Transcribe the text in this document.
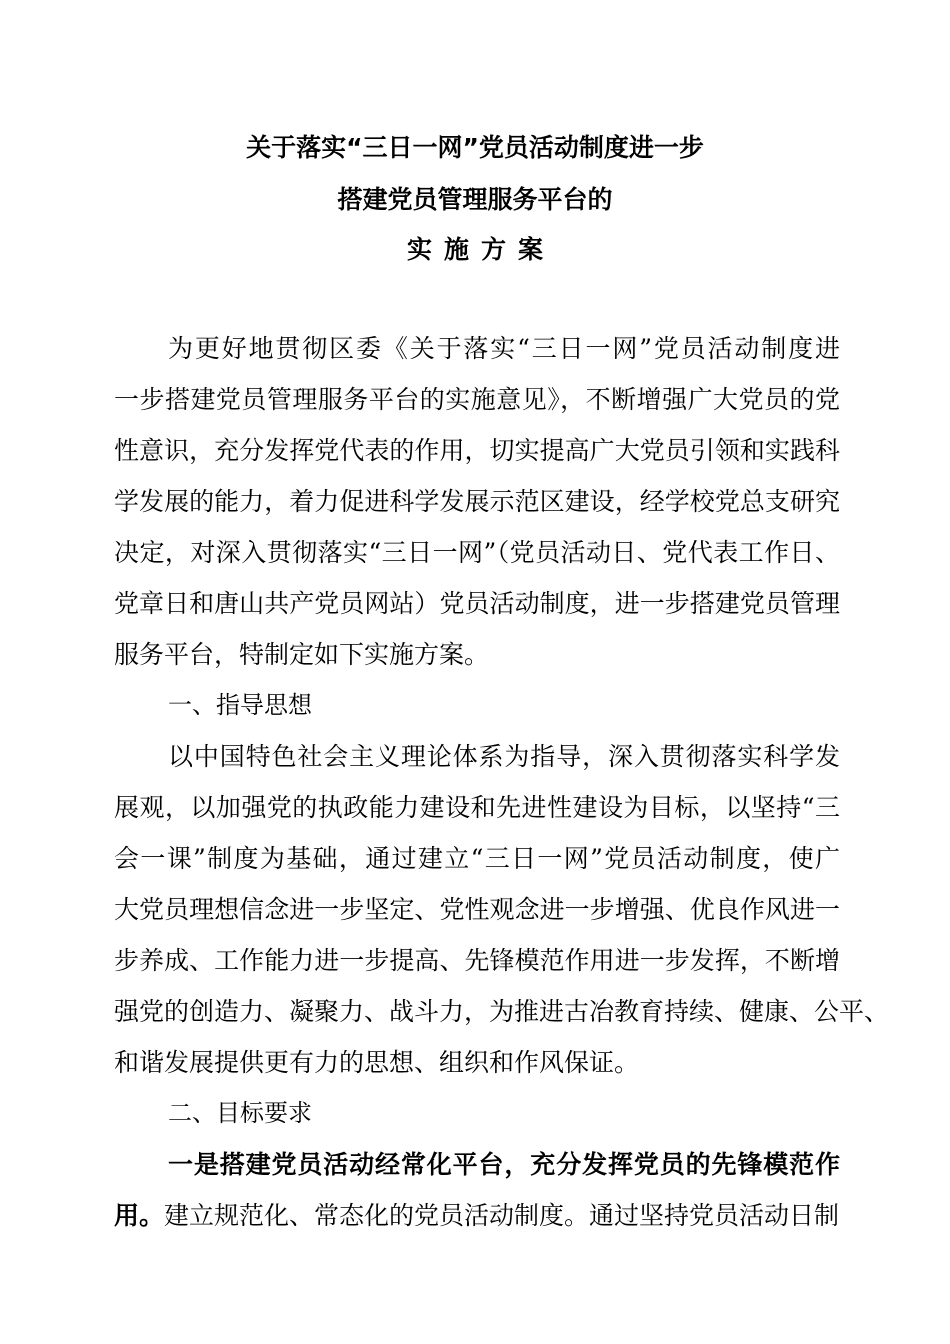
关于落实“三日一网”党员活动制度进一步
搭建党员管理服务平台的
实施方案
为更好地贯彻区委《关于落实“三日一网”党员活动制度进
一步搭建党员管理服务平台的实施意见》，不断增强广大党员的党
性意识，充分发挥党代表的作用，切实提高广大党员引领和实践科
学发展的能力，着力促进科学发展示范区建设，经学校党总支研究
决定，对深入贯彻落实“三日一网”（党员活动日、党代表工作日、
党章日和唐山共产党员网站）党员活动制度，进一步搭建党员管理
服务平台，特制定如下实施方案。
一、指导思想
以中国特色社会主义理论体系为指导，深入贯彻落实科学发
展观，以加强党的执政能力建设和先进性建设为目标，以坚持“三
会一课”制度为基础，通过建立“三日一网”党员活动制度，使广
大党员理想信念进一步坚定、党性观念进一步增强、优良作风进一
步养成、工作能力进一步提高、先锋模范作用进一步发挥，不断增
强党的创造力、凝聚力、战斗力，为推进古冶教育持续、健康、公平、
和谐发展提供更有力的思想、组织和作风保证。
二、目标要求
一是搭建党员活动经常化平台，充分发挥党员的先锋模范作
用。建立规范化、常态化的党员活动制度。通过坚持党员活动日制
